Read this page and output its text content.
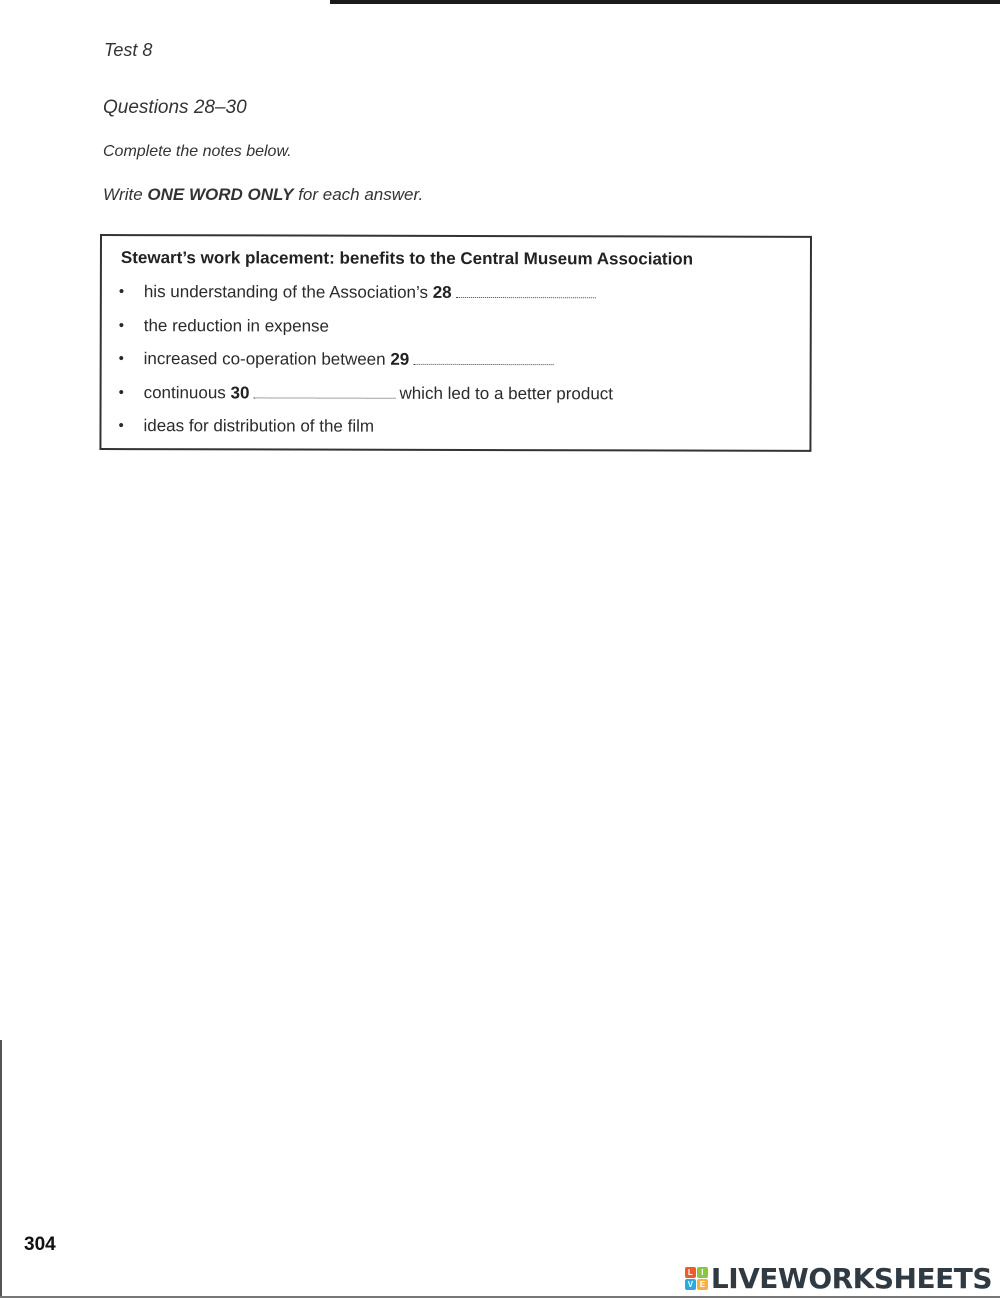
Test 8
Questions 28–30
Complete the notes below.
Write ONE WORD ONLY for each answer.
Stewart’s work placement: benefits to the Central Museum Association
• his understanding of the Association’s 28
• the reduction in expense
• increased co-operation between 29
• continuous 30	which led to a better product
• ideas for distribution of the film
304
L	I
V E LIVEWORKSHEETS
